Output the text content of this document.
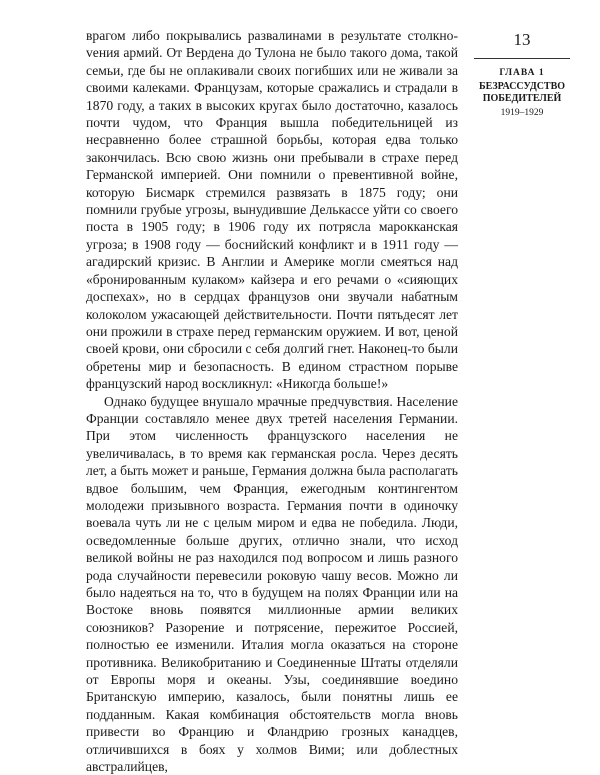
врагом либо покрывались развалинами в результате столкноvения армий. От Вердена до Тулона не было такого дома, такой семьи, где бы не оплакивали своих погибших или не живали за своими калеками. Французам, которые сражались и страдали в 1870 году, а таких в высоких кругах было достаточно, казалось почти чудом, что Франция вышла победительницей из несравненно более страшной борьбы, которая едва только закончилась. Всю свою жизнь они пребывали в страхе перед Германской империей. Они помнили о превентивной войне, которую Бисмарк стремился развязать в 1875 году; они помнили грубые угрозы, вынудившие Делькассе уйти со своего поста в 1905 году; в 1906 году их потрясла марокканская угроза; в 1908 году — боснийский конфликт и в 1911 году — агадирский кризис. В Англии и Америке могли смеяться над «бронированным кулаком» кайзера и его рeчами о «сияющих доспехах», но в сердцах французов они звучали набатным колоколом ужасающей действительности. Почти пятьдесят лет они прожили в страхе перед германским оружием. И вот, ценой своей крови, они сбросили с себя долгий гнет. Наконец-то были обретены мир и безопасность. В едином страстном порыве французский народ воскликнул: «Никогда больше!»

Однако будущее внушало мрачные предчувствия. Население Франции составляло менее двух третей населения Германии. При этом численность французского населения не увеличивалась, в то время как германская росла. Через десять лет, а быть может и раньше, Германия должна была располагать вдвое большим, чем Франция, ежегодным контингентом молодежи призывного возраста. Германия почти в одиночку воевала чуть ли не с целым миром и едва не победила. Люди, осведомленные больше других, отлично знали, что исход великой войны не раз находился под вопросом и лишь разного рода случайности перевесили роковую чашу весов. Можно ли было надеяться на то, что в будущем на полях Франции или на Востоке вновь появятся миллионные армии великих союзников? Разорение и потрясение, пережитое Россией, полностью ее изменили. Италия могла оказаться на стороне противника. Великобританию и Соединенные Штаты отделяли от Европы моря и океаны. Узы, соединявшие воедино Британскую империю, казалось, были понятны лишь ее подданным. Какая комбинация обстоятельств могла вновь привести во Францию и Фландрию грозных канадцев, отличившихся в боях у холмов Вими; или доблестных австралийцев,

13
ГЛАВА 1
БЕЗРАССУДСТВО
ПОБЕДИТЕЛЕЙ
1919–1929
